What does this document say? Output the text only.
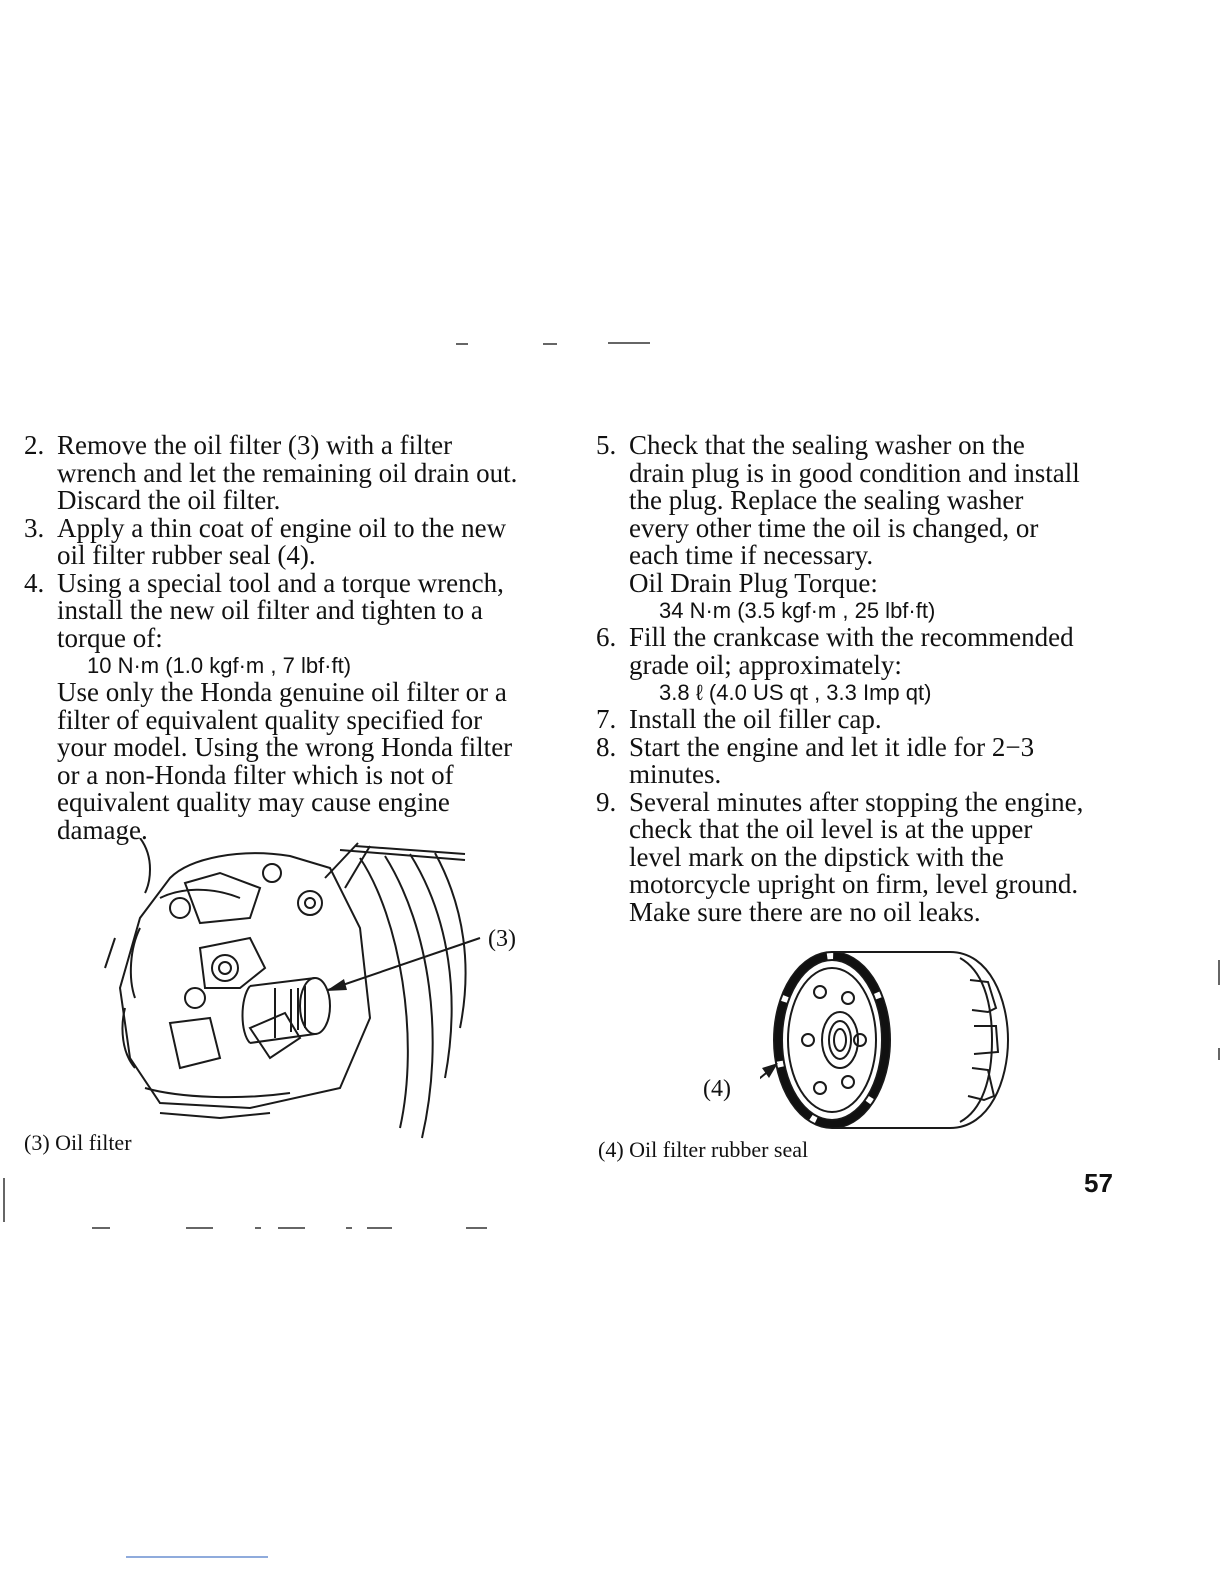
2. Remove the oil filter (3) with a filter
wrench and let the remaining oil drain out.
Discard the oil filter.
3. Apply a thin coat of engine oil to the new
oil filter rubber seal (4).
4. Using a special tool and a torque wrench,
install the new oil filter and tighten to a
torque of:
10 N·m (1.0 kgf·m , 7 lbf·ft)
Use only the Honda genuine oil filter or a
filter of equivalent quality specified for
your model. Using the wrong Honda filter
or a non-Honda filter which is not of
equivalent quality may cause engine
damage.
(3)
(3) Oil filter
5. Check that the sealing washer on the
drain plug is in good condition and install
the plug. Replace the sealing washer
every other time the oil is changed, or
each time if necessary.
Oil Drain Plug Torque:
34 N·m (3.5 kgf·m , 25 lbf·ft)
6. Fill the crankcase with the recommended
grade oil; approximately:
3.8 ℓ (4.0 US qt , 3.3 Imp qt)
7. Install the oil filler cap.
8. Start the engine and let it idle for 2−3
minutes.
9. Several minutes after stopping the engine,
check that the oil level is at the upper
level mark on the dipstick with the
motorcycle upright on firm, level ground.
Make sure there are no oil leaks.
(4)
(4) Oil filter rubber seal
57
